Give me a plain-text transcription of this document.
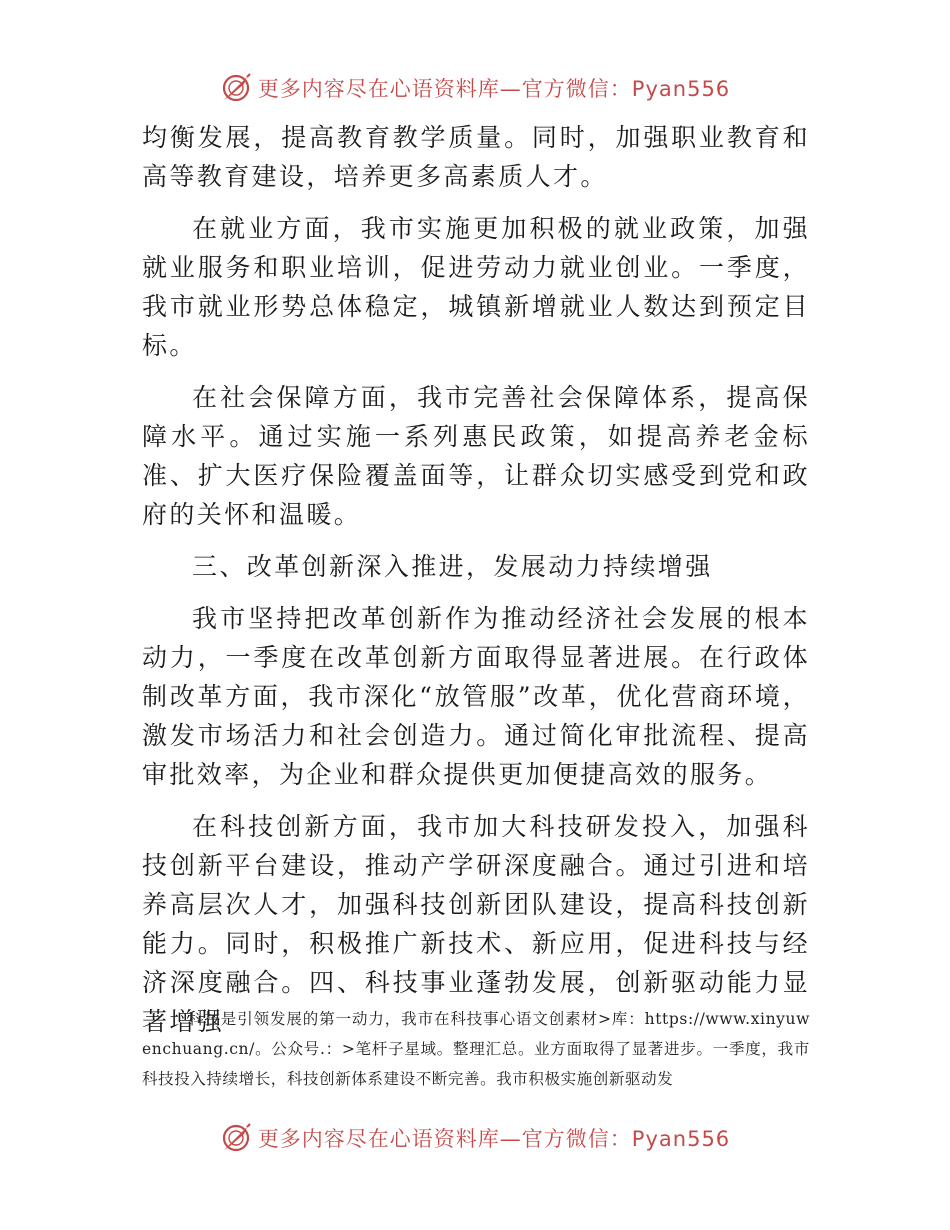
更多内容尽在心语资料库—官方微信：Pyan556

均衡发展，提高教育教学质量。同时，加强职业教育和高等教育建设，培养更多高素质人才。

在就业方面，我市实施更加积极的就业政策，加强就业服务和职业培训，促进劳动力就业创业。一季度，我市就业形势总体稳定，城镇新增就业人数达到预定目标。

在社会保障方面，我市完善社会保障体系，提高保障水平。通过实施一系列惠民政策，如提高养老金标准、扩大医疗保险覆盖面等，让群众切实感受到党和政府的关怀和温暖。

三、改革创新深入推进，发展动力持续增强

我市坚持把改革创新作为推动经济社会发展的根本动力，一季度在改革创新方面取得显著进展。在行政体制改革方面，我市深化“放管服”改革，优化营商环境，激发市场活力和社会创造力。通过简化审批流程、提高审批效率，为企业和群众提供更加便捷高效的服务。

在科技创新方面，我市加大科技研发投入，加强科技创新平台建设，推动产学研深度融合。通过引进和培养高层次人才，加强科技创新团队建设，提高科技创新能力。同时，积极推广新技术、新应用，促进科技与经济深度融合。四、科技事业蓬勃发展，创新驱动能力显著增强

科技是引领发展的第一动力，我市在科技事心语文创素材>库：https://www.xinyuwenchuang.cn/。公众号.：>笔杆子星域。整理汇总。业方面取得了显著进步。一季度，我市科技投入持续增长，科技创新体系建设不断完善。我市积极实施创新驱动发

更多内容尽在心语资料库—官方微信：Pyan556
